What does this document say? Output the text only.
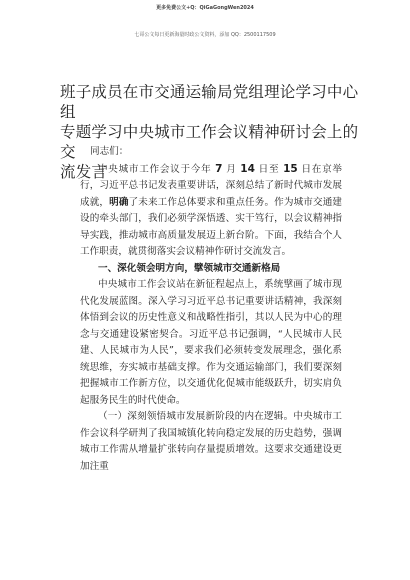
更多免费公文+Q：QiGaGongWen2024
七哥公文每日更新海量时政公文资料，添加 QQ：2500117509
班子成员在市交通运输局党组理论学习中心组
专题学习中央城市工作会议精神研讨会上的交
流发言

同志们：

中央城市工作会议于今年 7 月 14 日至 15 日在京举行，习近平总书记发表重要讲话，深刻总结了新时代城市发展成就，明确了未来工作总体要求和重点任务。作为城市交通建设的牵头部门，我们必须学深悟透、实干笃行，以会议精神指导实践，推动城市高质量发展迈上新台阶。下面，我结合个人工作职责，就贯彻落实会议精神作研讨交流发言。

一、深化领会明方向，擘领城市交通新格局

中央城市工作会议站在新征程起点上，系统擘画了城市现代化发展蓝图。深入学习习近平总书记重要讲话精神，我深刻体悟到会议的历史性意义和战略性指引，其以人民为中心的理念与交通建设紧密契合。习近平总书记强调，“人民城市人民建、人民城市为人民”，要求我们必须转变发展理念，强化系统思维，夯实城市基础支撑。作为交通运输部门，我们要深刻把握城市工作新方位，以交通优化促城市能级跃升，切实肩负起服务民生的时代使命。

（一）深刻领悟城市发展新阶段的内在逻辑。中央城市工作会议科学研判了我国城镇化转向稳定发展的历史趋势，强调城市工作需从增量扩张转向存量提质增效。这要求交通建设更加注重
